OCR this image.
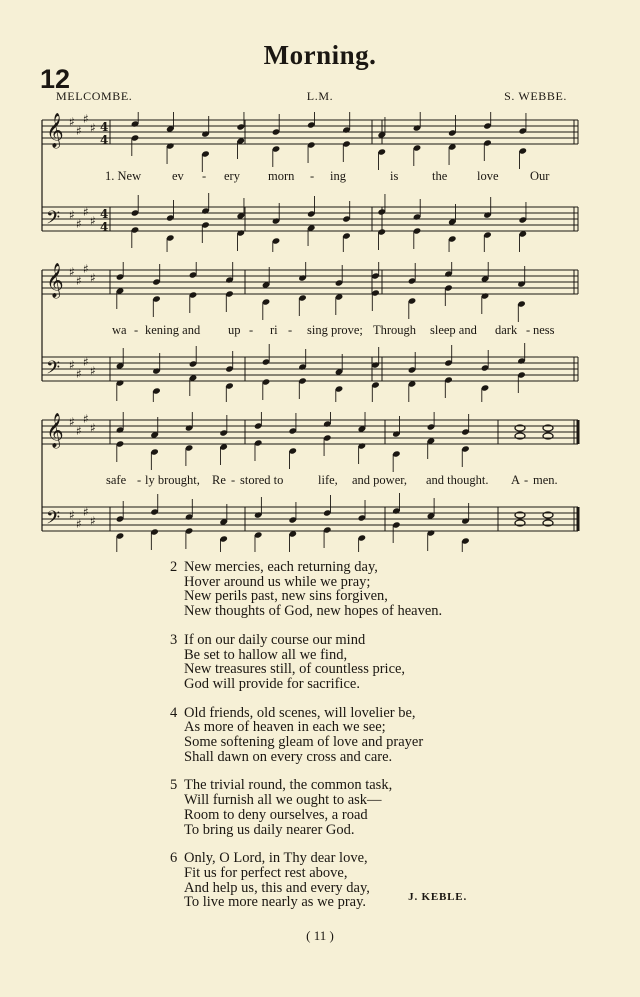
Morning.
12
MELCOMBE.	L.M.	S. WEBBE.
𝄞 ♯
♯
♯
♯ 4
4
𝄢 ♯
♯
♯
♯ 4
4
1. New ev - ery morn - ing	is	the love	Our
𝄞 ♯
♯
♯
♯
𝄢 ♯
♯
♯
♯
wa - kening and up - ri - sing prove; Through sleep and dark - ness
𝄞 ♯
♯
♯
♯
𝄢 ♯
♯
♯
♯
safe - ly brought, Re - stored to	life, and power, and thought. A - men.
2 New mercies, each returning day,
Hover around us while we pray;
New perils past, new sins forgiven,
New thoughts of God, new hopes of heaven.
3 If on our daily course our mind
Be set to hallow all we find,
New treasures still, of countless price,
God will provide for sacrifice.
4 Old friends, old scenes, will lovelier be,
As more of heaven in each we see;
Some softening gleam of love and prayer
Shall dawn on every cross and care.
5 The trivial round, the common task,
Will furnish all we ought to ask—
Room to deny ourselves, a road
To bring us daily nearer God.
6 Only, O Lord, in Thy dear love,
Fit us for perfect rest above,
And help us, this and every day,
To live more nearly as we pray.	J. KEBLE.
( 11 )
